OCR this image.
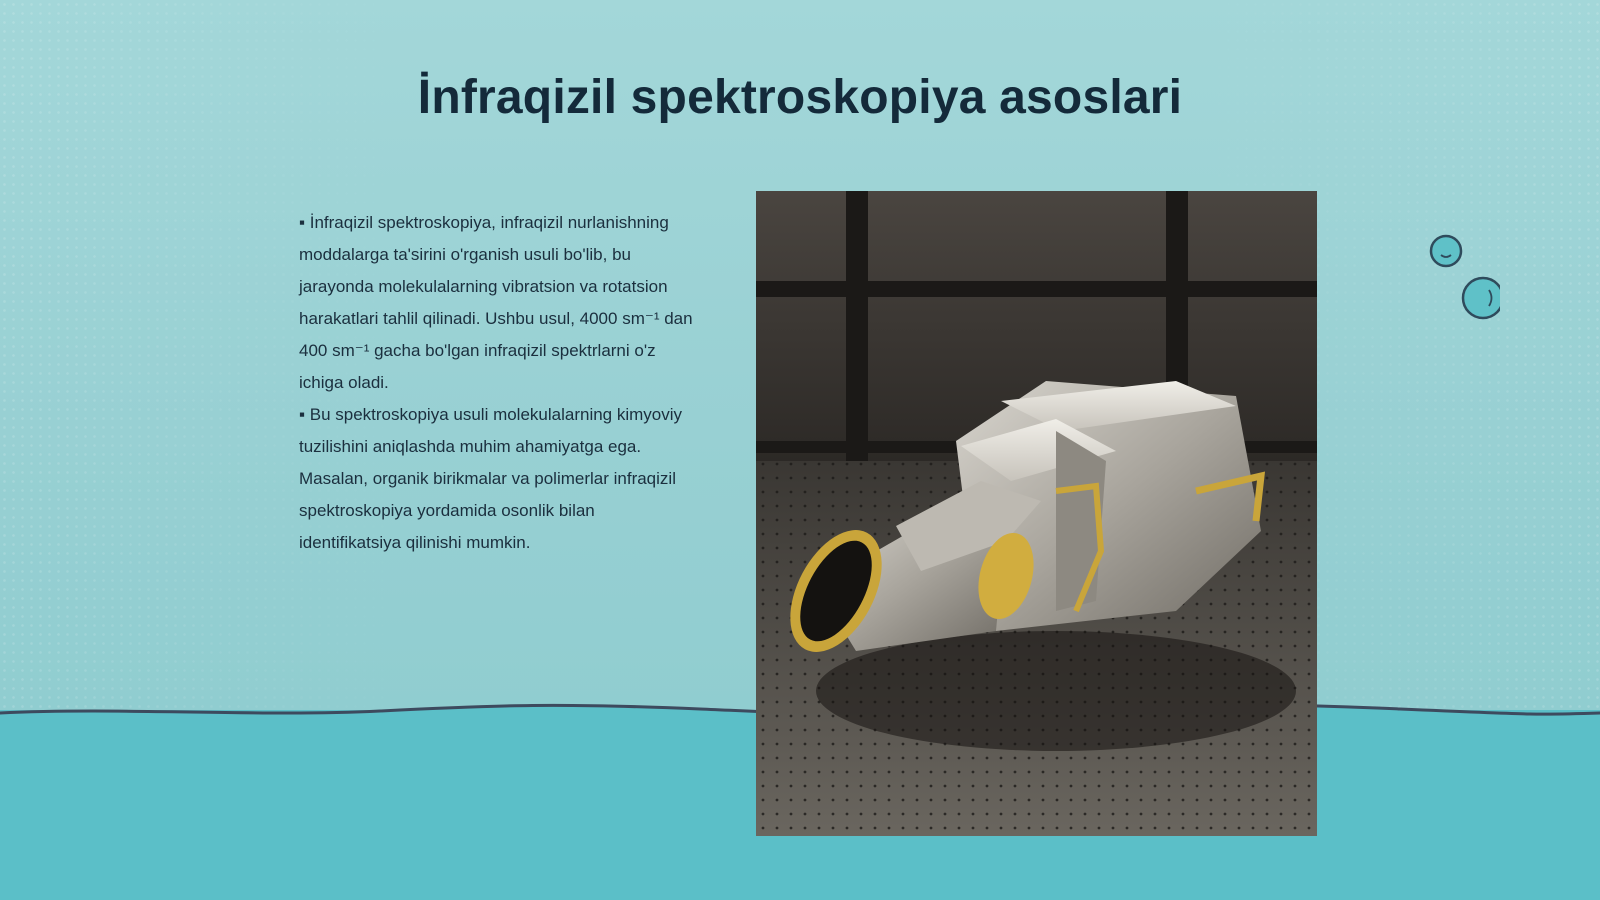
İnfraqizil spektroskopiya asoslari

▪ İnfraqizil spektroskopiya, infraqizil nurlanishning moddalarga ta'sirini o'rganish usuli bo'lib, bu jarayonda molekulalarning vibratsion va rotatsion harakatlari tahlil qilinadi. Ushbu usul, 4000 sm⁻¹ dan 400 sm⁻¹ gacha bo'lgan infraqizil spektrlarni o'z ichiga oladi.

▪ Bu spektroskopiya usuli molekulalarning kimyoviy tuzilishini aniqlashda muhim ahamiyatga ega. Masalan, organik birikmalar va polimerlar infraqizil spektroskopiya yordamida osonlik bilan identifikatsiya qilinishi mumkin.
